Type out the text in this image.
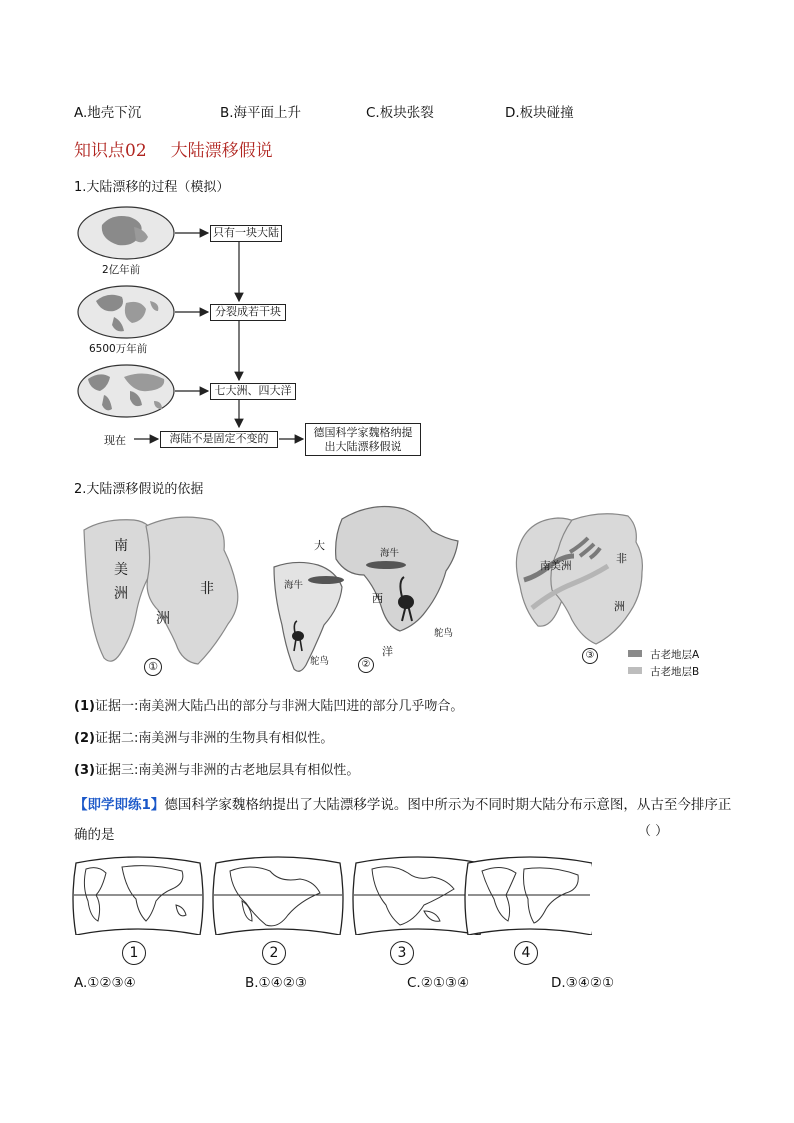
A.地壳下沉	B.海平面上升	C.板块张裂	D.板块碰撞
知识点02 大陆漂移假说
1.大陆漂移的过程（模拟）
2亿年前
6500万年前
只有一块大陆
分裂成若干块
七大洲、四大洋
现在	海陆不是固定不变的	德国科学家魏格纳提
出大陆漂移假说
2.大陆漂移假说的依据
南
美
洲	非
洲
①
大
西
洋
海牛
海牛
鸵鸟
鸵鸟	②
南美洲
非
洲
③	古老地层A
古老地层B
(1)证据一:南美洲大陆凸出的部分与非洲大陆凹进的部分几乎吻合。
(2)证据二:南美洲与非洲的生物具有相似性。
(3)证据三:南美洲与非洲的古老地层具有相似性。
【即学即练1】德国科学家魏格纳提出了大陆漂移学说。图中所示为不同时期大陆分布示意图，从古至今排序正确的是	（ ）
1	2	3	4
A.①②③④	B.①④②③	C.②①③④	D.③④②①
